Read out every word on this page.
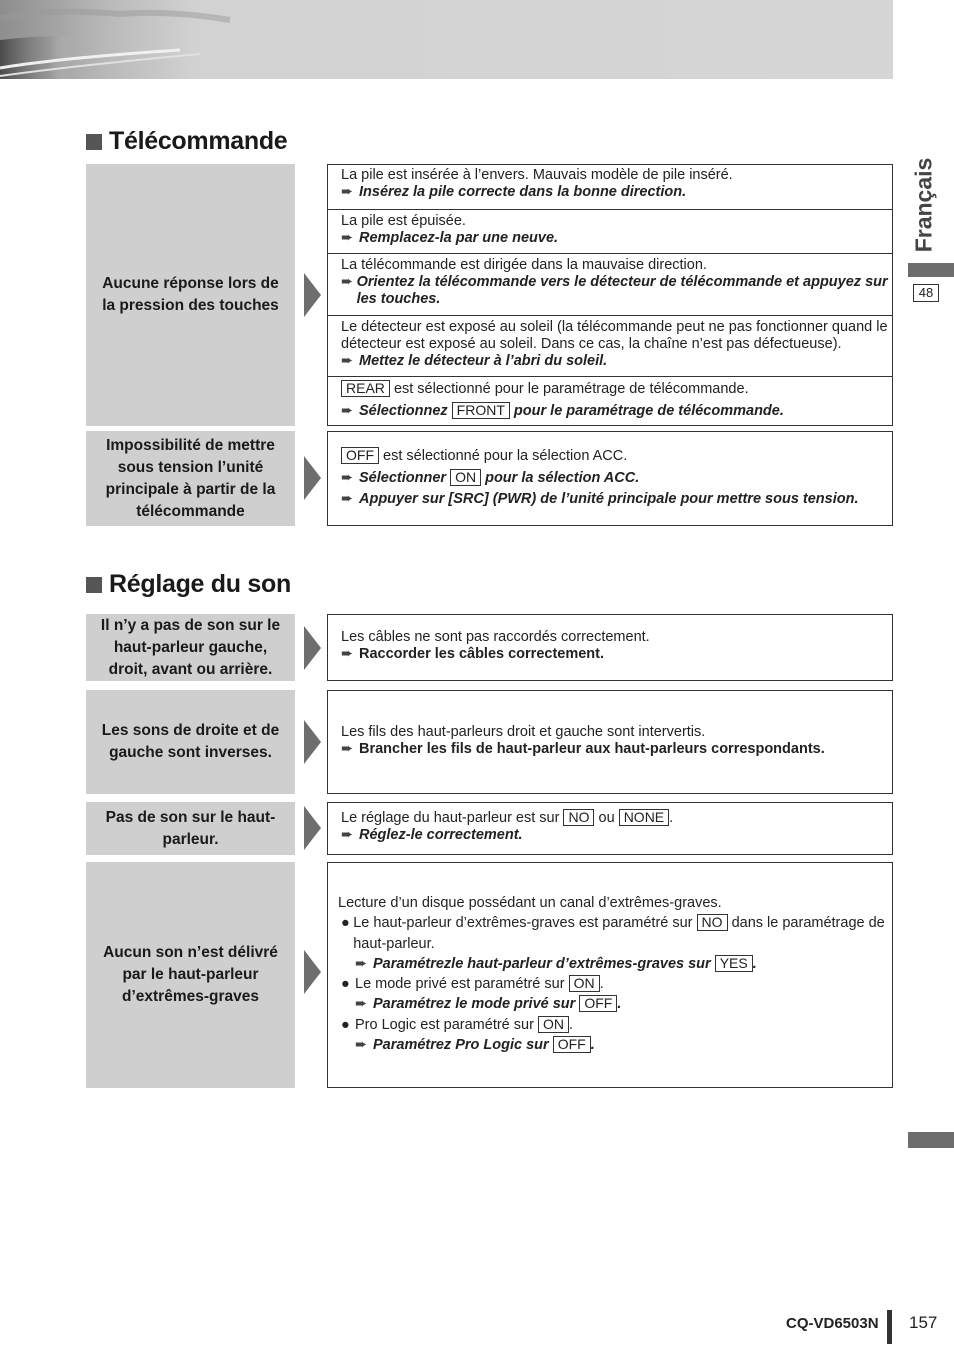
Français
48
Télécommande
Aucune réponse lors de la pression des touches
La pile est insérée à l’envers. Mauvais modèle de pile inséré.
➨ Insérez la pile correcte dans la bonne direction.
La pile est épuisée.
➨ Remplacez-la par une neuve.
La télécommande est dirigée dans la mauvaise direction.
➨ Orientez la télécommande vers le détecteur de télécommande et appuyez sur les touches.
Le détecteur est exposé au soleil (la télécommande peut ne pas fonctionner quand le détecteur est exposé au soleil. Dans ce cas, la chaîne n’est pas défectueuse).
➨ Mettez le détecteur à l’abri du soleil.
REAR est sélectionné pour le paramétrage de télécommande.
➨ Sélectionnez FRONT pour le paramétrage de télécommande.
Impossibilité de mettre sous tension l’unité principale à partir de la télécommande
OFF est sélectionné pour la sélection ACC.
➨ Sélectionner ON pour la sélection ACC.
➨ Appuyer sur [SRC] (PWR) de l’unité principale pour mettre sous tension.
Réglage du son
Il n’y a pas de son sur le haut-parleur gauche, droit, avant ou arrière.
Les câbles ne sont pas raccordés correctement.
➨ Raccorder les câbles correctement.
Les sons de droite et de gauche sont inverses.
Les fils des haut-parleurs droit et gauche sont intervertis.
➨ Brancher les fils de haut-parleur aux haut-parleurs correspondants.
Pas de son sur le haut-parleur.
Le réglage du haut-parleur est sur NO ou NONE .
➨ Réglez-le correctement.
Aucun son n’est délivré par le haut-parleur d’extrêmes-graves
Lecture d’un disque possédant un canal d’extrêmes-graves.
● Le haut-parleur d’extrêmes-graves est paramétré sur NO dans le paramétrage de haut-parleur.
➨ Paramétrezle haut-parleur d’extrêmes-graves sur YES .
● Le mode privé est paramétré sur ON .
➨ Paramétrez le mode privé sur OFF .
● Pro Logic est paramétré sur ON .
➨ Paramétrez Pro Logic sur OFF .
CQ-VD6503N 157
